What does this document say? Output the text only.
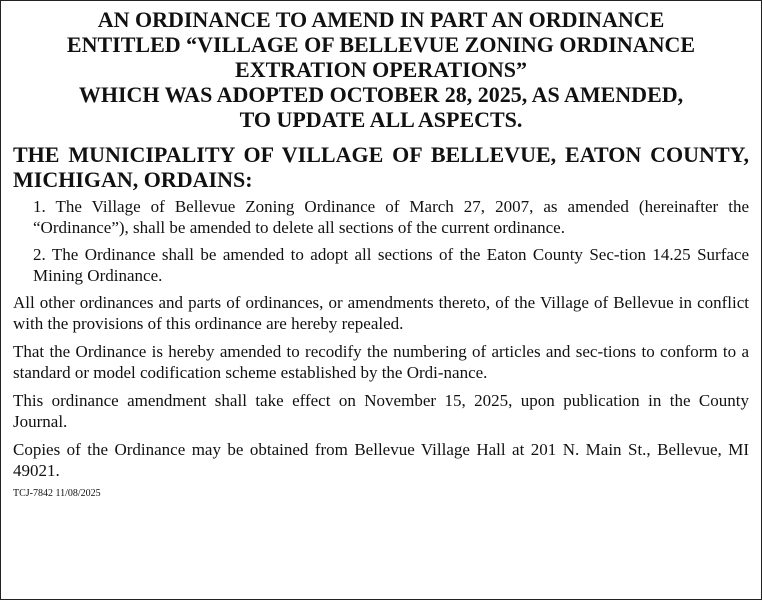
AN ORDINANCE TO AMEND IN PART AN ORDINANCE
ENTITLED “VILLAGE OF BELLEVUE ZONING ORDINANCE
EXTRATION OPERATIONS”
WHICH WAS ADOPTED OCTOBER 28, 2025, AS AMENDED,
TO UPDATE ALL ASPECTS.

THE MUNICIPALITY OF VILLAGE OF BELLEVUE, EATON COUNTY, MICHIGAN, ORDAINS:

1. The Village of Bellevue Zoning Ordinance of March 27, 2007, as amended (hereinafter the “Ordinance”), shall be amended to delete all sections of the current ordinance.

2. The Ordinance shall be amended to adopt all sections of the Eaton County Sec-tion 14.25 Surface Mining Ordinance.

All other ordinances and parts of ordinances, or amendments thereto, of the Village of Bellevue in conflict with the provisions of this ordinance are hereby repealed.

That the Ordinance is hereby amended to recodify the numbering of articles and sec-tions to conform to a standard or model codification scheme established by the Ordi-nance.

This ordinance amendment shall take effect on November 15, 2025, upon publication in the County Journal.

Copies of the Ordinance may be obtained from Bellevue Village Hall at 201 N. Main St., Bellevue, MI 49021.

TCJ-7842 11/08/2025
